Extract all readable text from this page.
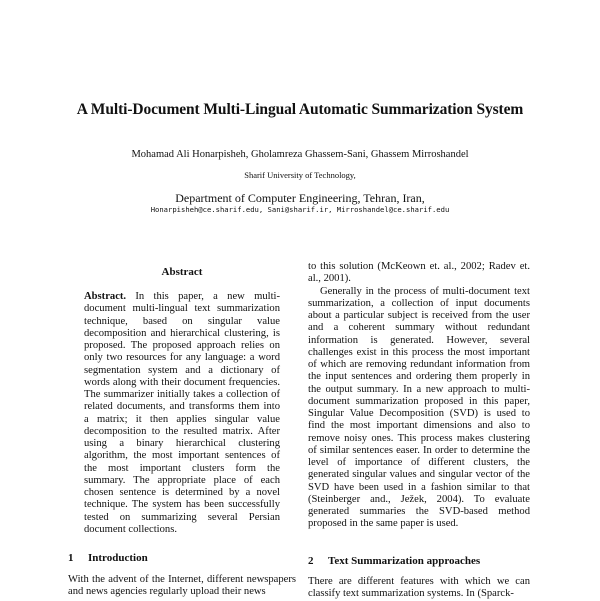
A Multi-Document Multi-Lingual Automatic Summarization System
Mohamad Ali Honarpisheh, Gholamreza Ghassem-Sani, Ghassem Mirroshandel
Sharif University of Technology,
Department of Computer Engineering, Tehran, Iran,
Honarpisheh@ce.sharif.edu, Sani@sharif.ir, Mirroshandel@ce.sharif.edu
Abstract
Abstract. In this paper, a new multi-document multi-lingual text summarization technique, based on singular value decomposition and hierarchical clustering, is proposed. The proposed approach relies on only two resources for any language: a word segmentation system and a dictionary of words along with their document frequencies. The summarizer initially takes a collection of related documents, and transforms them into a matrix; it then applies singular value decomposition to the resulted matrix. After using a binary hierarchical clustering algorithm, the most important sentences of the most important clusters form the summary. The appropriate place of each chosen sentence is determined by a novel technique. The system has been successfully tested on summarizing several Persian document collections.
1 Introduction

With the advent of the Internet, different newspapers and news agencies regularly upload their news

to this solution (McKeown et. al., 2002; Radev et. al., 2001).

Generally in the process of multi-document text summarization, a collection of input documents about a particular subject is received from the user and a coherent summary without redundant information is generated. However, several challenges exist in this process the most important of which are removing redundant information from the input sentences and ordering them properly in the output summary. In a new approach to multi-document summarization proposed in this paper, Singular Value Decomposition (SVD) is used to find the most important dimensions and also to remove noisy ones. This process makes clustering of similar sentences easer. In order to determine the level of importance of different clusters, the generated singular values and singular vector of the SVD have been used in a fashion similar to that (Steinberger and., Ježek, 2004). To evaluate generated summaries the SVD-based method proposed in the same paper is used.

2 Text Summarization approaches

There are different features with which we can classify text summarization systems. In (Sparck-
